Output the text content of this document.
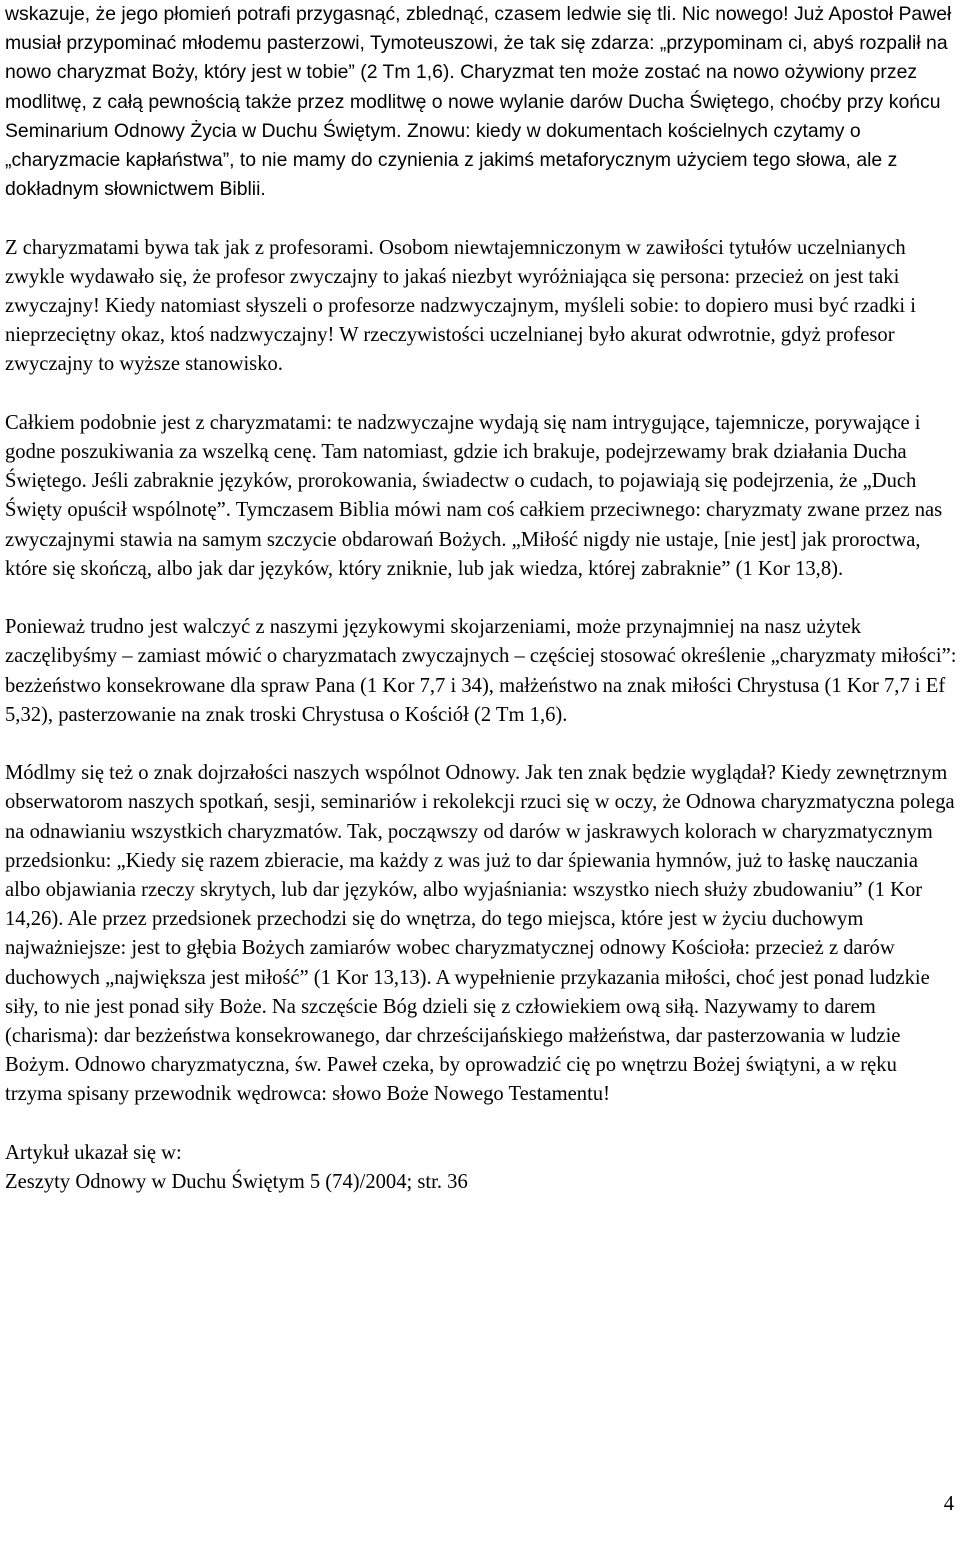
wskazuje, że jego płomień potrafi przygasnąć, zblednąć, czasem ledwie się tli. Nic nowego! Już Apostoł Paweł musiał przypominać młodemu pasterzowi, Tymoteuszowi, że tak się zdarza: „przypominam ci, abyś rozpalił na nowo charyzmat Boży, który jest w tobie” (2 Tm 1,6). Charyzmat ten może zostać na nowo ożywiony przez modlitwę, z całą pewnością także przez modlitwę o nowe wylanie darów Ducha Świętego, choćby przy końcu Seminarium Odnowy Życia w Duchu Świętym. Znowu: kiedy w dokumentach kościelnych czytamy o „charyzmacie kapłaństwa”, to nie mamy do czynienia z jakimś metaforycznym użyciem tego słowa, ale z dokładnym słownictwem Biblii.

Z charyzmatami bywa tak jak z profesorami. Osobom niewtajemniczonym w zawiłości tytułów uczelnianych zwykle wydawało się, że profesor zwyczajny to jakaś niezbyt wyróżniająca się persona: przecież on jest taki zwyczajny! Kiedy natomiast słyszeli o profesorze nadzwyczajnym, myśleli sobie: to dopiero musi być rzadki i nieprzeciętny okaz, ktoś nadzwyczajny! W rzeczywistości uczelnianej było akurat odwrotnie, gdyż profesor zwyczajny to wyższe stanowisko.

Całkiem podobnie jest z charyzmatami: te nadzwyczajne wydają się nam intrygujące, tajemnicze, porywające i godne poszukiwania za wszelką cenę. Tam natomiast, gdzie ich brakuje, podejrzewamy brak działania Ducha Świętego. Jeśli zabraknie języków, prorokowania, świadectw o cudach, to pojawiają się podejrzenia, że „Duch Święty opuścił wspólnotę”. Tymczasem Biblia mówi nam coś całkiem przeciwnego: charyzmaty zwane przez nas zwyczajnymi stawia na samym szczycie obdarowań Bożych. „Miłość nigdy nie ustaje, [nie jest] jak proroctwa, które się skończą, albo jak dar języków, który zniknie, lub jak wiedza, której zabraknie” (1 Kor 13,8).

Ponieważ trudno jest walczyć z naszymi językowymi skojarzeniami, może przynajmniej na nasz użytek zaczęlibyśmy – zamiast mówić o charyzmatach zwyczajnych – częściej stosować określenie „charyzmaty miłości”: bezżeństwo konsekrowane dla spraw Pana (1 Kor 7,7 i 34), małżeństwo na znak miłości Chrystusa (1 Kor 7,7 i Ef 5,32), pasterzowanie na znak troski Chrystusa o Kościół (2 Tm 1,6).

Módlmy się też o znak dojrzałości naszych wspólnot Odnowy. Jak ten znak będzie wyglądał? Kiedy zewnętrznym obserwatorom naszych spotkań, sesji, seminariów i rekolekcji rzuci się w oczy, że Odnowa charyzmatyczna polega na odnawianiu wszystkich charyzmatów. Tak, począwszy od darów w jaskrawych kolorach w charyzmatycznym przedsionku: „Kiedy się razem zbieracie, ma każdy z was już to dar śpiewania hymnów, już to łaskę nauczania albo objawiania rzeczy skrytych, lub dar języków, albo wyjaśniania: wszystko niech służy zbudowaniu” (1 Kor 14,26). Ale przez przedsionek przechodzi się do wnętrza, do tego miejsca, które jest w życiu duchowym najważniejsze: jest to głębia Bożych zamiarów wobec charyzmatycznej odnowy Kościoła: przecież z darów duchowych „największa jest miłość” (1 Kor 13,13). A wypełnienie przykazania miłości, choć jest ponad ludzkie siły, to nie jest ponad siły Boże. Na szczęście Bóg dzieli się z człowiekiem ową siłą. Nazywamy to darem (charisma): dar bezżeństwa konsekrowanego, dar chrześcijańskiego małżeństwa, dar pasterzowania w ludzie Bożym. Odnowo charyzmatyczna, św. Paweł czeka, by oprowadzić cię po wnętrzu Bożej świątyni, a w ręku trzyma spisany przewodnik wędrowca: słowo Boże Nowego Testamentu!

Artykuł ukazał się w:
Zeszyty Odnowy w Duchu Świętym 5 (74)/2004; str. 36

4
